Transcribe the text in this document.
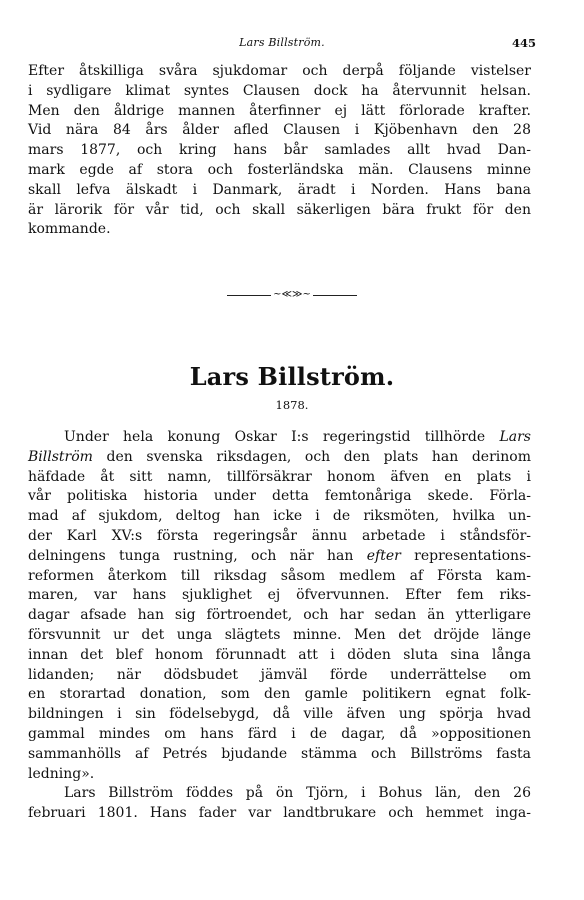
Lars Billström.	445
Efter åtskilliga svåra sjukdomar och derpå följande vistelser
i sydligare klimat syntes Clausen dock ha återvunnit helsan.
Men den åldrige mannen återfinner ej lätt förlorade krafter.
Vid nära 84 års ålder afled Clausen i Kjöbenhavn den 28
mars 1877, och kring hans bår samlades allt hvad Dan-
mark egde af stora och fosterländska män. Clausens minne
skall lefva älskadt i Danmark, äradt i Norden. Hans bana
är lärorik för vår tid, och skall säkerligen bära frukt för den
kommande.
~≪≫~
Lars Billström.
1878.
Under hela konung Oskar I:s regeringstid tillhörde Lars
Billström den svenska riksdagen, och den plats han derinom
häfdade åt sitt namn, tillförsäkrar honom äfven en plats i
vår politiska historia under detta femtonåriga skede. Förla-
mad af sjukdom, deltog han icke i de riksmöten, hvilka un-
der Karl XV:s första regeringsår ännu arbetade i ståndsför-
delningens tunga rustning, och när han efter representations-
reformen återkom till riksdag såsom medlem af Första kam-
maren, var hans sjuklighet ej öfvervunnen. Efter fem riks-
dagar afsade han sig förtroendet, och har sedan än ytterligare
försvunnit ur det unga slägtets minne. Men det dröjde länge
innan det blef honom förunnadt att i döden sluta sina långa
lidanden; när dödsbudet jämväl förde underrättelse om
en storartad donation, som den gamle politikern egnat folk-
bildningen i sin födelsebygd, då ville äfven ung spörja hvad
gammal mindes om hans färd i de dagar, då »oppositionen
sammanhölls af Petrés bjudande stämma och Billströms fasta
ledning».
Lars Billström föddes på ön Tjörn, i Bohus län, den 26
februari 1801. Hans fader var landtbrukare och hemmet inga-
